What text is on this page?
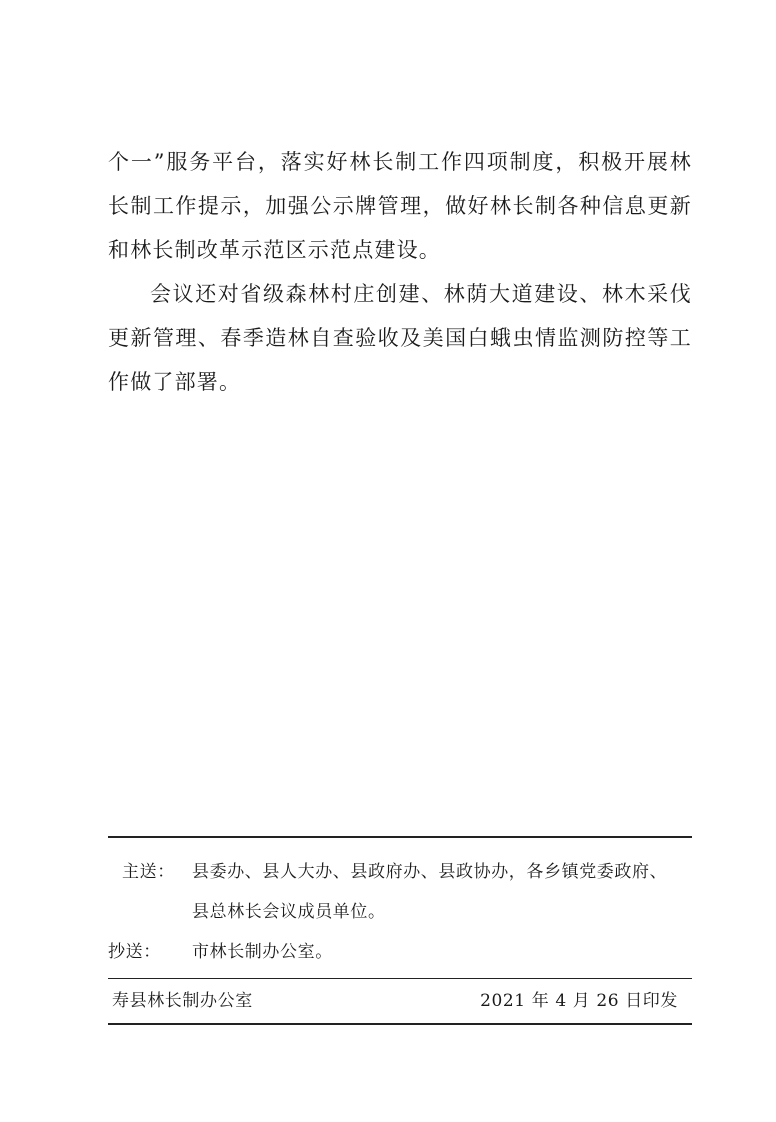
个一”服务平台，落实好林长制工作四项制度，积极开展林长制工作提示，加强公示牌管理，做好林长制各种信息更新和林长制改革示范区示范点建设。

会议还对省级森林村庄创建、林荫大道建设、林木采伐更新管理、春季造林自查验收及美国白蛾虫情监测防控等工作做了部署。

主送：	县委办、县人大办、县政府办、县政协办，各乡镇党委政府、
县总林长会议成员单位。
抄送：	市林长制办公室。
寿县林长制办公室	2021 年 4 月 26 日印发
